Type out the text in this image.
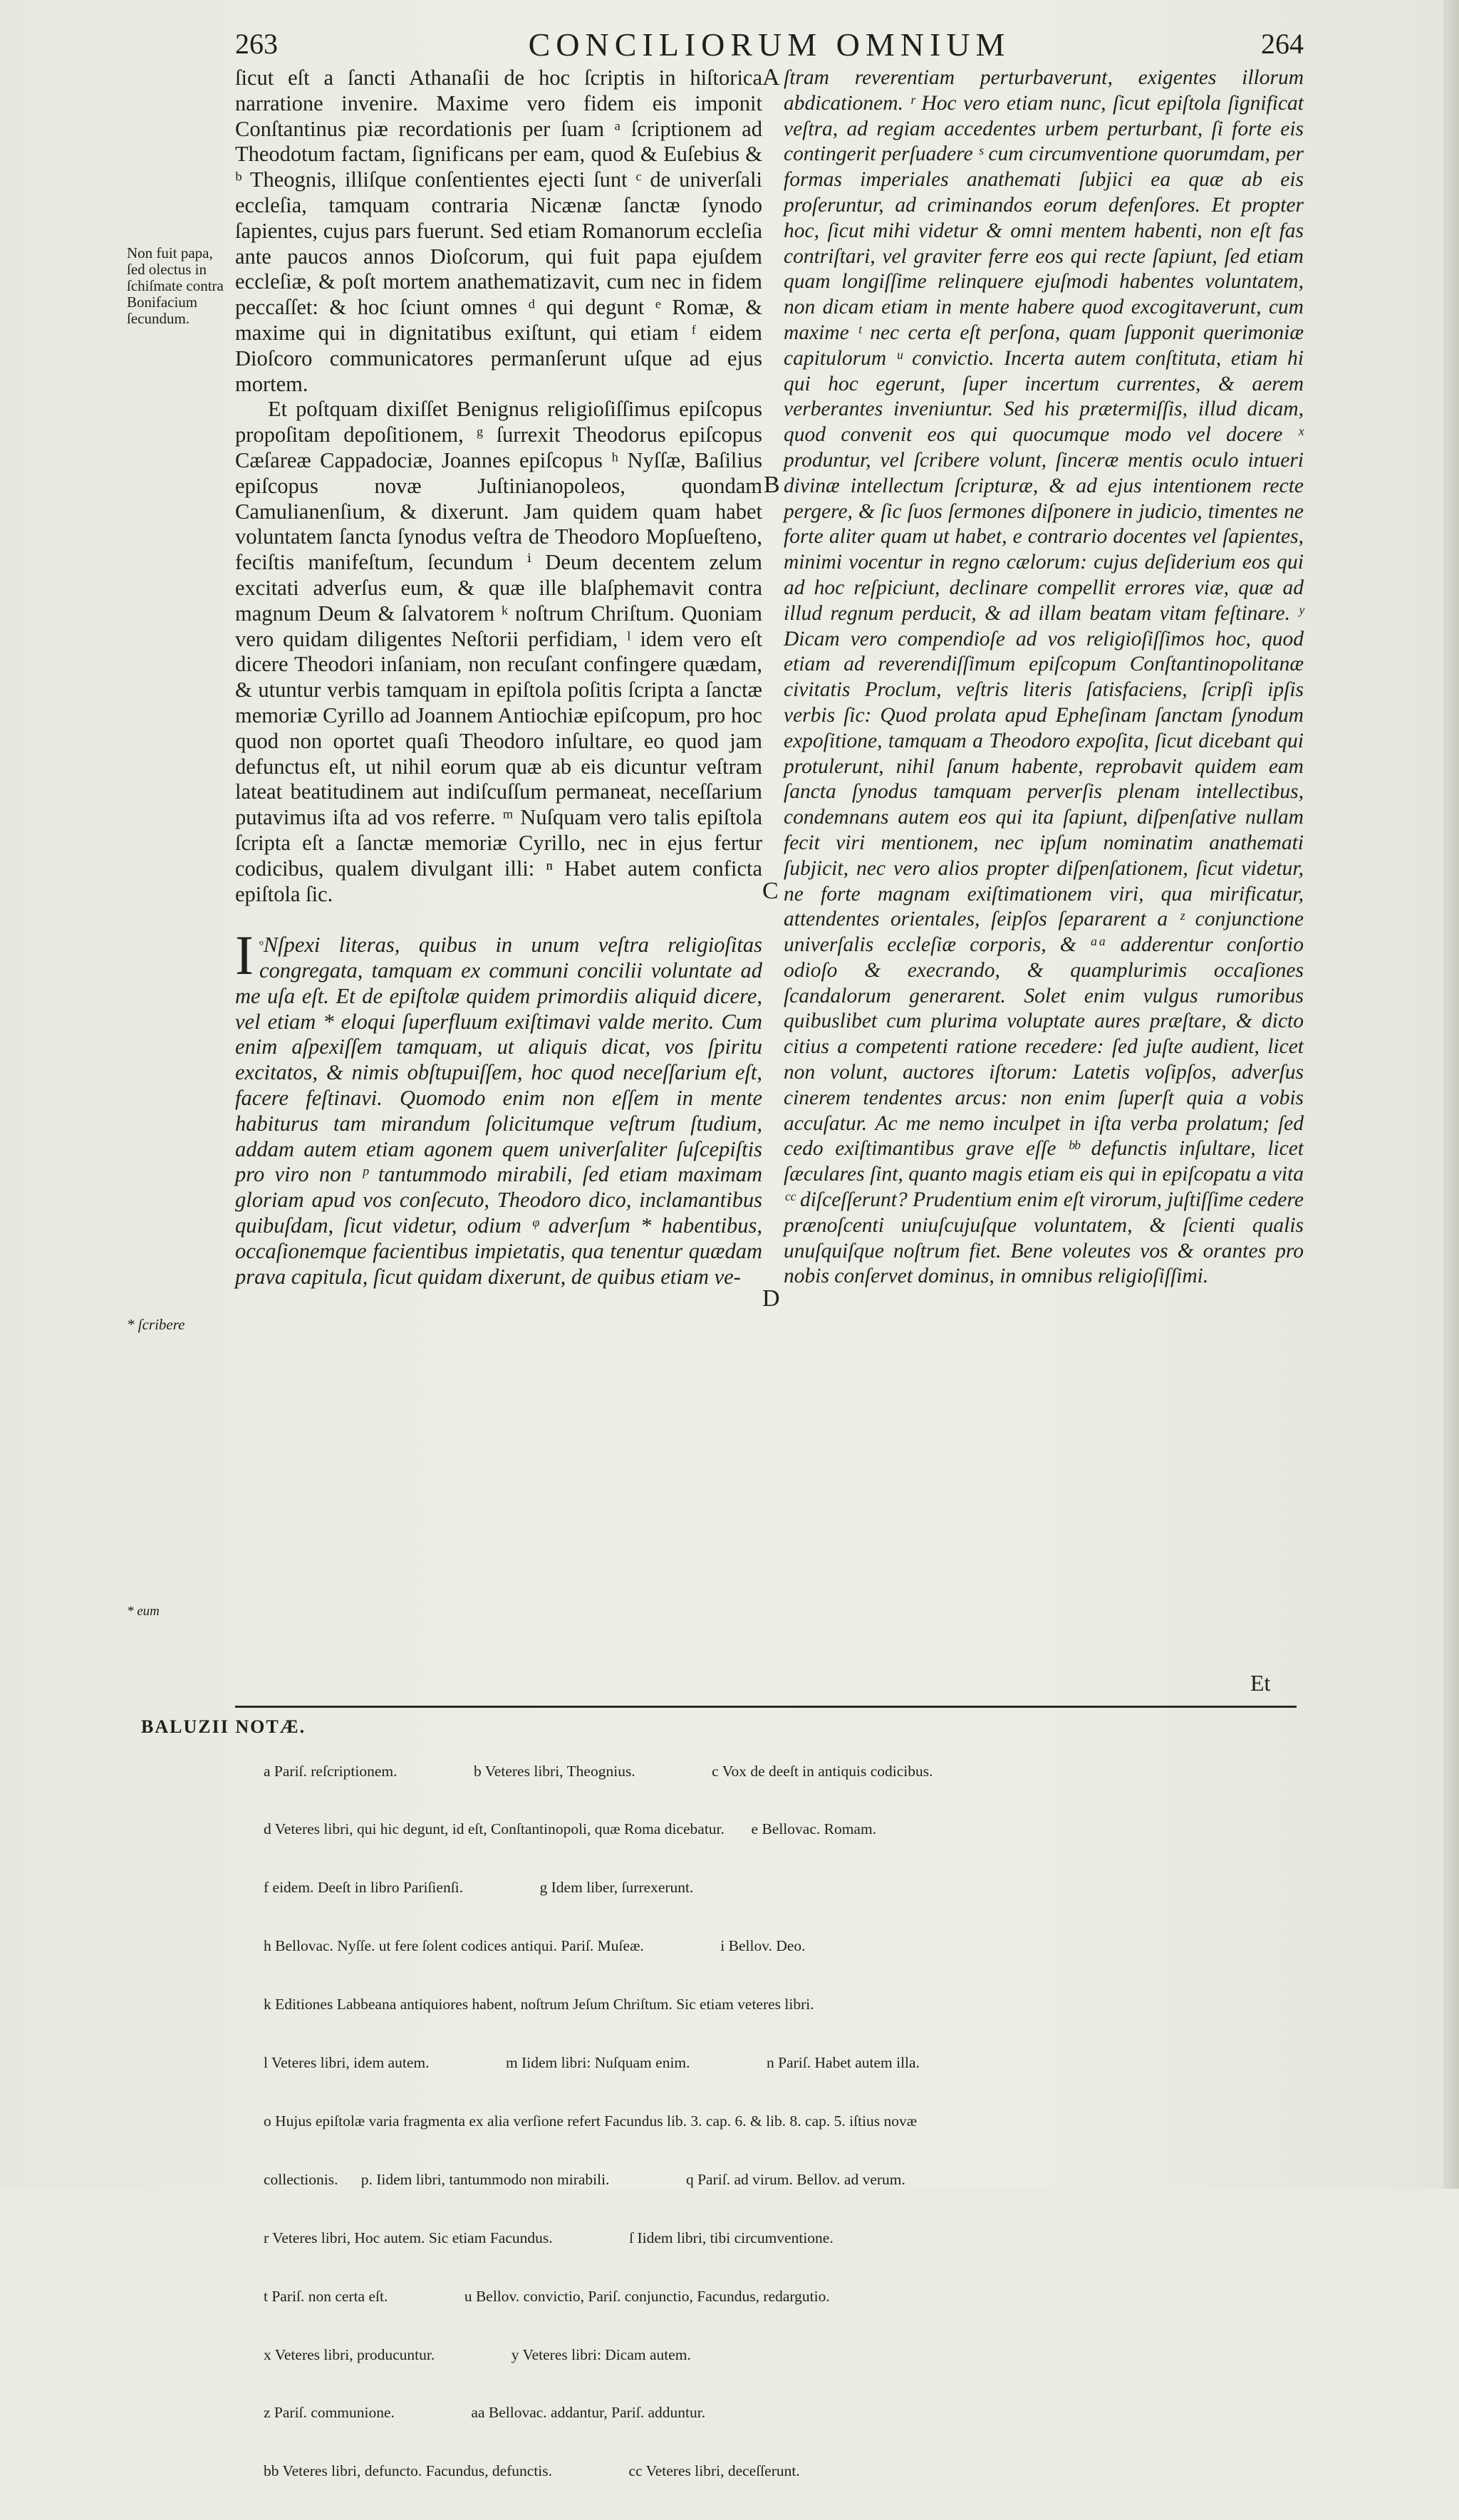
263	CONCILIORUM OMNIUM	264

ſicut eſt a ſancti Athanaſii de hoc ſcriptis in hiſtorica narratione invenire. Maxime vero fidem eis imponit Conſtantinus piæ recordationis per ſuam ᵃ ſcriptionem ad Theodotum factam, ſignificans per eam, quod & Euſebius & ᵇ Theognis, illiſque conſentientes ejecti ſunt ᶜ de univerſali eccleſia, tamquam contraria Nicænæ ſanctæ ſynodo ſapientes, cujus pars fuerunt. Sed etiam Romanorum eccleſia ante paucos annos Dioſcorum, qui fuit papa ejuſdem eccleſiæ, & poſt mortem anathematizavit, cum nec in fidem peccaſſet: & hoc ſciunt omnes ᵈ qui degunt ᵉ Romæ, & maxime qui in dignitatibus exiſtunt, qui etiam ᶠ eidem Dioſcoro communicatores permanſerunt uſque ad ejus mortem.

Et poſtquam dixiſſet Benignus religioſiſſimus epiſcopus propoſitam depoſitionem, ᵍ ſurrexit Theodorus epiſcopus Cæſareæ Cappadociæ, Joannes epiſcopus ʰ Nyſſæ, Baſilius epiſcopus novæ Juſtinianopoleos, quondam Camulianenſium, & dixerunt. Jam quidem quam habet voluntatem ſancta ſynodus veſtra de Theodoro Mopſueſteno, feciſtis manifeſtum, ſecundum ⁱ Deum decentem zelum excitati adverſus eum, & quæ ille blaſphemavit contra magnum Deum & ſalvatorem ᵏ noſtrum Chriſtum. Quoniam vero quidam diligentes Neſtorii perfidiam, ˡ idem vero eſt dicere Theodori inſaniam, non recuſant confingere quædam, & utuntur verbis tamquam in epiſtola poſitis ſcripta a ſanctæ memoriæ Cyrillo ad Joannem Antiochiæ epiſcopum, pro hoc quod non oportet quaſi Theodoro inſultare, eo quod jam defunctus eſt, ut nihil eorum quæ ab eis dicuntur veſtram lateat beatitudinem aut indiſcuſſum permaneat, neceſſarium putavimus iſta ad vos referre. ᵐ Nuſquam vero talis epiſtola ſcripta eſt a ſanctæ memoriæ Cyrillo, nec in ejus fertur codicibus, qualem divulgant illi: ⁿ Habet autem conficta epiſtola ſic.

$^ᵒ$
I Nſpexi literas, quibus in unum veſtra religioſitas congregata, tamquam ex communi concilii voluntate ad me uſa eſt. Et de epiſtolæ quidem primordiis aliquid dicere, vel etiam * eloqui ſuperfluum exiſtimavi valde merito. Cum enim aſpexiſſem tamquam, ut aliquis dicat, vos ſpiritu excitatos, & nimis obſtupuiſſem, hoc quod neceſſarium eſt, facere feſtinavi. Quomodo enim non eſſem in mente habiturus tam mirandum ſolicitumque veſtrum ſtudium, addam autem etiam agonem quem univerſaliter ſuſcepiſtis pro viro non ᵖ tantummodo mirabili, ſed etiam maximam gloriam apud vos conſecuto, Theodoro dico, inclamantibus quibuſdam, ſicut videtur, odium ᵠ adverſum * habentibus, occaſionemque facientibus impietatis, qua tenentur quædam prava capitula, ſicut quidam dixerunt, de quibus etiam ve-

A
B
C
D

ſtram reverentiam perturbaverunt, exigentes illorum abdicationem. ʳ Hoc vero etiam nunc, ſicut epiſtola ſignificat veſtra, ad regiam accedentes urbem perturbant, ſi forte eis contingerit perſuadere ˢ cum circumventione quorumdam, per formas imperiales anathemati ſubjici ea quæ ab eis proſeruntur, ad criminandos eorum defenſores. Et propter hoc, ſicut mihi videtur & omni mentem habenti, non eſt fas contriſtari, vel graviter ferre eos qui recte ſapiunt, ſed etiam quam longiſſime relinquere ejuſmodi habentes voluntatem, non dicam etiam in mente habere quod excogitaverunt, cum maxime ᵗ nec certa eſt perſona, quam ſupponit querimoniæ capitulorum ᵘ convictio. Incerta autem conſtituta, etiam hi qui hoc egerunt, ſuper incertum currentes, & aerem verberantes inveniuntur. Sed his prætermiſſis, illud dicam, quod convenit eos qui quocumque modo vel docere ˣ produntur, vel ſcribere volunt, ſinceræ mentis oculo intueri divinæ intellectum ſcripturæ, & ad ejus intentionem recte pergere, & ſic ſuos ſermones diſponere in judicio, timentes ne forte aliter quam ut habet, e contrario docentes vel ſapientes, minimi vocentur in regno cælorum: cujus deſiderium eos qui ad hoc reſpiciunt, declinare compellit errores viæ, quæ ad illud regnum perducit, & ad illam beatam vitam feſtinare. ʸ Dicam vero compendioſe ad vos religioſiſſimos hoc, quod etiam ad reverendiſſimum epiſcopum Conſtantinopolitanæ civitatis Proclum, veſtris literis ſatisfaciens, ſcripſi ipſis verbis ſic: Quod prolata apud Epheſinam ſanctam ſynodum expoſitione, tamquam a Theodoro expoſita, ſicut dicebant qui protulerunt, nihil ſanum habente, reprobavit quidem eam ſancta ſynodus tamquam perverſis plenam intellectibus, condemnans autem eos qui ita ſapiunt, diſpenſative nullam fecit viri mentionem, nec ipſum nominatim anathemati ſubjicit, nec vero alios propter diſpenſationem, ſicut videtur, ne forte magnam exiſtimationem viri, qua mirificatur, attendentes orientales, ſeipſos ſepararent a ᶻ conjunctione univerſalis eccleſiæ corporis, & ᵃᵃ adderentur conſortio odioſo & execrando, & quamplurimis occaſiones ſcandalorum generarent. Solet enim vulgus rumoribus quibuslibet cum plurima voluptate aures præſtare, & dicto citius a competenti ratione recedere: ſed juſte audient, licet non volunt, auctores iſtorum: Latetis voſipſos, adverſus cinerem tendentes arcus: non enim ſuperſt quia a vobis accuſatur. Ac me nemo inculpet in iſta verba prolatum; ſed cedo exiſtimantibus grave eſſe ᵇᵇ defunctis inſultare, licet ſæculares ſint, quanto magis etiam eis qui in epiſcopatu a vita ᶜᶜ diſceſſerunt? Prudentium enim eſt virorum, juſtiſſime cedere prænoſcenti uniuſcujuſque voluntatem, & ſcienti qualis unuſquiſque noſtrum fiet. Bene voleutes vos & orantes pro nobis conſervet dominus, in omnibus religioſiſſimi.

Non fuit papa, ſed olectus in ſchiſmate contra Bonifacium ſecundum.
* ſcribere
* eum
Et
BALUZII NOTÆ.

a Pariſ. reſcriptionem.                    b Veteres libri, Theognius.                    c Vox de deeſt in antiquis codicibus.

d Veteres libri, qui hic degunt, id eſt, Conſtantinopoli, quæ Roma dicebatur.       e Bellovac. Romam.

f eidem. Deeſt in libro Pariſienſi.                    g Idem liber, ſurrexerunt.

h Bellovac. Nyſſe. ut fere ſolent codices antiqui. Pariſ. Muſeæ.                    i Bellov. Deo.

k Editiones Labbeana antiquiores habent, noſtrum Jeſum Chriſtum. Sic etiam veteres libri.

l Veteres libri, idem autem.                    m Iidem libri: Nuſquam enim.                    n Pariſ. Habet autem illa.

o Hujus epiſtolæ varia fragmenta ex alia verſione refert Facundus lib. 3. cap. 6. & lib. 8. cap. 5. iſtius novæ

collectionis.      p. Iidem libri, tantummodo non mirabili.                    q Pariſ. ad virum. Bellov. ad verum.

r Veteres libri, Hoc autem. Sic etiam Facundus.                    ſ Iidem libri, tibi circumventione.

t Pariſ. non certa eſt.                    u Bellov. convictio, Pariſ. conjunctio, Facundus, redargutio.

x Veteres libri, producuntur.                    y Veteres libri: Dicam autem.

z Pariſ. communione.                    aa Bellovac. addantur, Pariſ. adduntur.

bb Veteres libri, defuncto. Facundus, defunctis.                    cc Veteres libri, deceſſerunt.
